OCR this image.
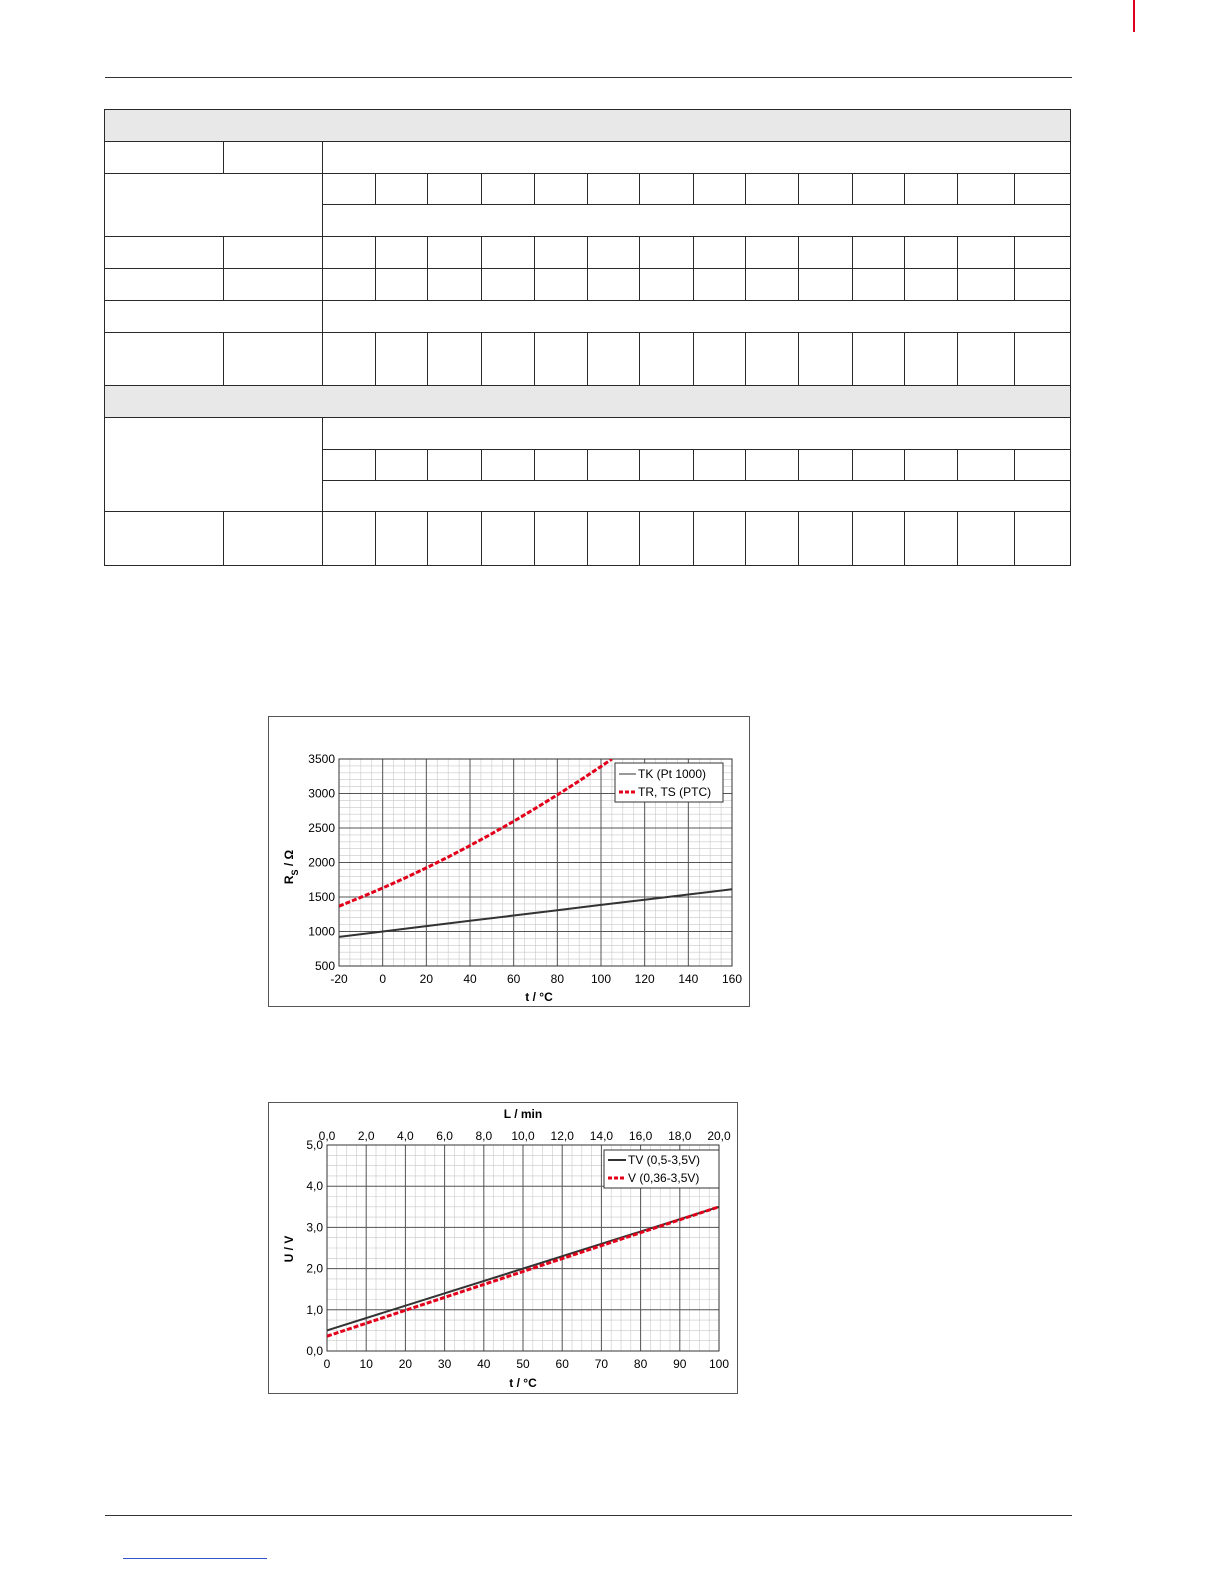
-20	0	20	40	60	80 100 120 140 160
500
1000
1500
2000
2500
3000
3500
t / °C
$R_S$ / Ω
TK (Pt 1000)
TR, TS (PTC)
0 10 20 30 40 50 60 70 80 90 100
0,0
1,0
2,0
3,0
4,0
5,0
0,0 2,0 4,0 6,0 8,0 10,0 12,0 14,0 16,0 18,0 20,0
L / min
t / °C
U / V
TV (0,5-3,5V)
V (0,36-3,5V)
